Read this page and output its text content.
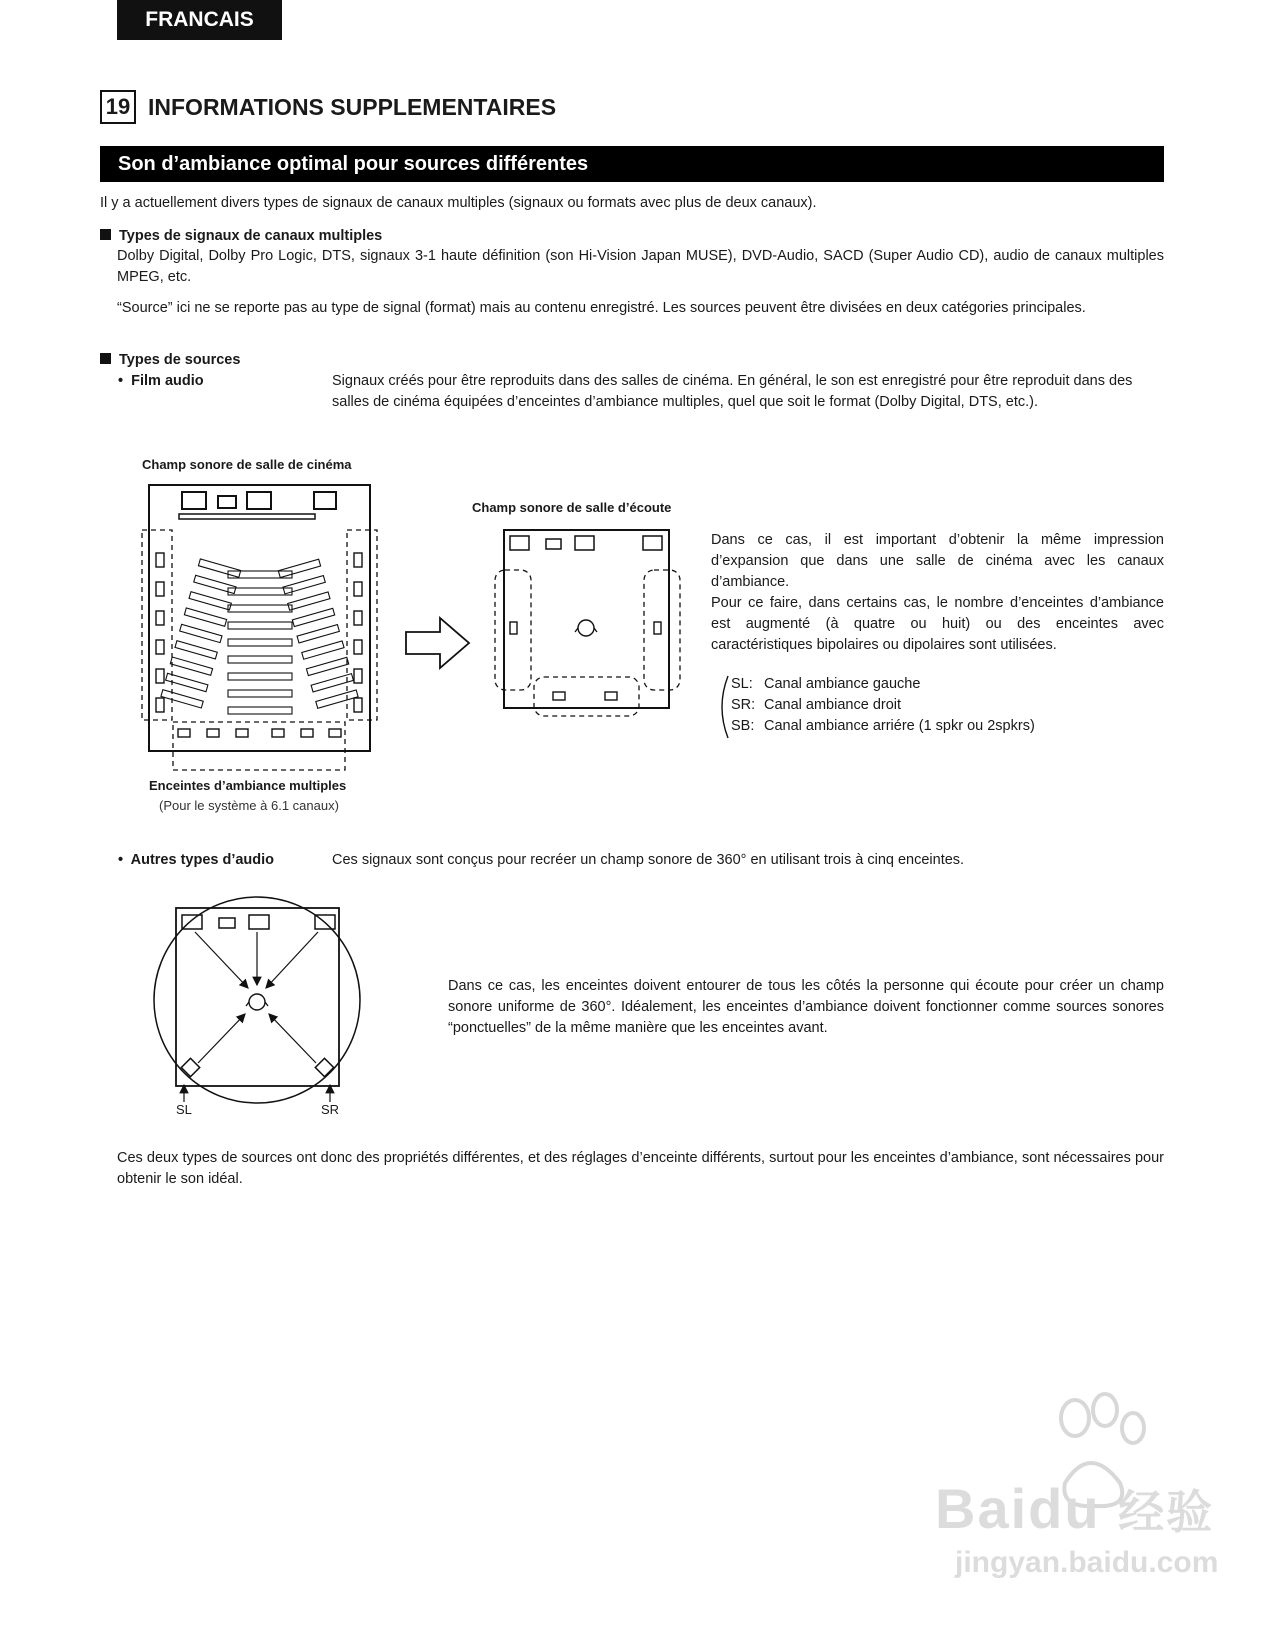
FRANCAIS
19 INFORMATIONS SUPPLEMENTAIRES
Son d’ambiance optimal pour sources différentes
Il y a actuellement divers types de signaux de canaux multiples (signaux ou formats avec plus de deux canaux).
Types de signaux de canaux multiples
Dolby Digital, Dolby Pro Logic, DTS, signaux 3-1 haute définition (son Hi-Vision Japan MUSE), DVD-Audio, SACD (Super Audio CD), audio de canaux multiples MPEG, etc.
“Source” ici ne se reporte pas au type de signal (format) mais au contenu enregistré. Les sources peuvent être divisées en deux catégories principales.
Types de sources
•  Film audio	Signaux créés pour être reproduits dans des salles de cinéma. En général, le son est enregistré pour être reproduit dans des salles de cinéma équipées d’enceintes d’ambiance multiples, quel que soit le format (Dolby Digital, DTS, etc.).
Champ sonore de salle de cinéma
Champ sonore de salle d’écoute
Enceintes d’ambiance multiples
(Pour le système à 6.1 canaux)
Dans ce cas, il est important d’obtenir la même impression d’expansion que dans une salle de cinéma avec les canaux d’ambiance.
Pour ce faire, dans certains cas, le nombre d’enceintes d’ambiance est augmenté (à quatre ou huit) ou des enceintes avec caractéristiques bipolaires ou dipolaires sont utilisées.
SL: Canal ambiance gauche
SR: Canal ambiance droit
SB: Canal ambiance arriére (1 spkr ou 2spkrs)
•  Autres types d’audio	Ces signaux sont conçus pour recréer un champ sonore de 360° en utilisant trois à cinq enceintes.
SL	SR
Dans ce cas, les enceintes doivent entourer de tous les côtés la personne qui écoute pour créer un champ sonore uniforme de 360°. Idéalement, les enceintes d’ambiance doivent fonctionner comme sources sonores “ponctuelles” de la même manière que les enceintes avant.
Ces deux types de sources ont donc des propriétés différentes, et des réglages d’enceinte différents, surtout pour les enceintes d’ambiance, sont nécessaires pour obtenir le son idéal.
Baidu 经验
jingyan.baidu.com
